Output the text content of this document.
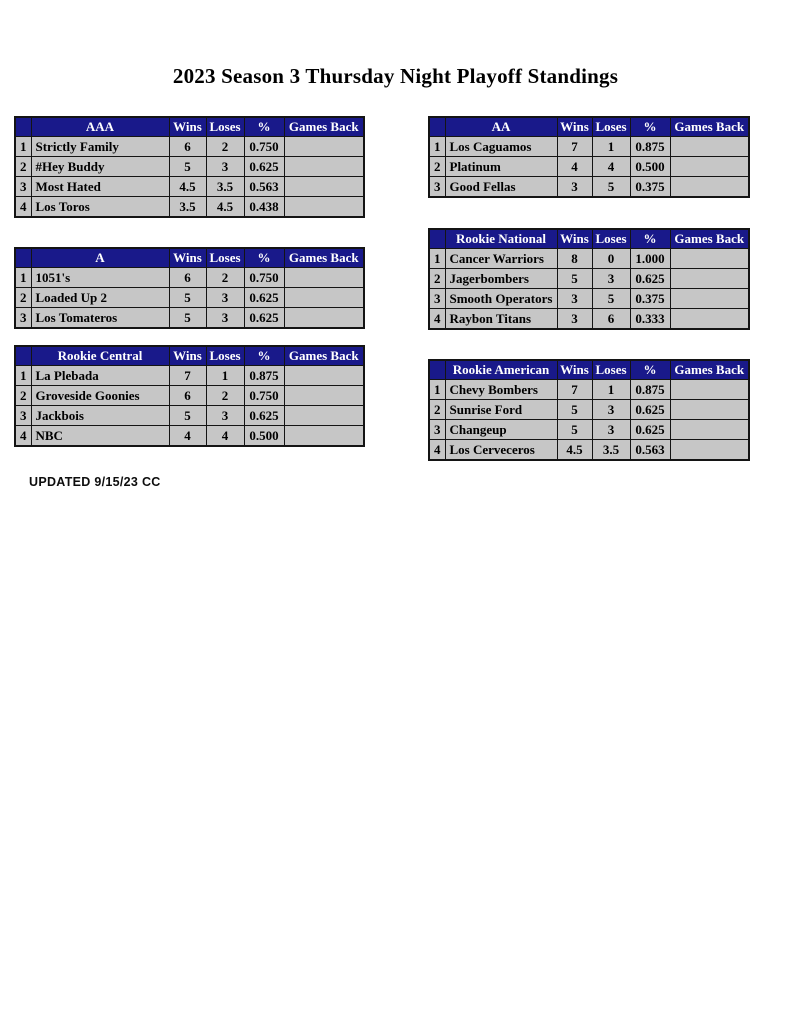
2023 Season 3 Thursday Night Playoff Standings
	AAA	Wins	Loses	%	Games Back
1	Strictly Family	6	2	0.750	
2	#Hey Buddy	5	3	0.625	
3	Most Hated	4.5	3.5	0.563	
4	Los Toros	3.5	4.5	0.438	
	AA	Wins	Loses	%	Games Back
1	Los Caguamos	7	1	0.875	
2	Platinum	4	4	0.500	
3	Good Fellas	3	5	0.375	
	A	Wins	Loses	%	Games Back
1	1051's	6	2	0.750	
2	Loaded Up 2	5	3	0.625	
3	Los Tomateros	5	3	0.625	
	Rookie National	Wins	Loses	%	Games Back
1	Cancer Warriors	8	0	1.000	
2	Jagerbombers	5	3	0.625	
3	Smooth Operators	3	5	0.375	
4	Raybon Titans	3	6	0.333	
	Rookie Central	Wins	Loses	%	Games Back
1	La Plebada	7	1	0.875	
2	Groveside Goonies	6	2	0.750	
3	Jackbois	5	3	0.625	
4	NBC	4	4	0.500	
	Rookie American	Wins	Loses	%	Games Back
1	Chevy Bombers	7	1	0.875	
2	Sunrise Ford	5	3	0.625	
3	Changeup	5	3	0.625	
4	Los Cerveceros	4.5	3.5	0.563	
UPDATED 9/15/23 CC
